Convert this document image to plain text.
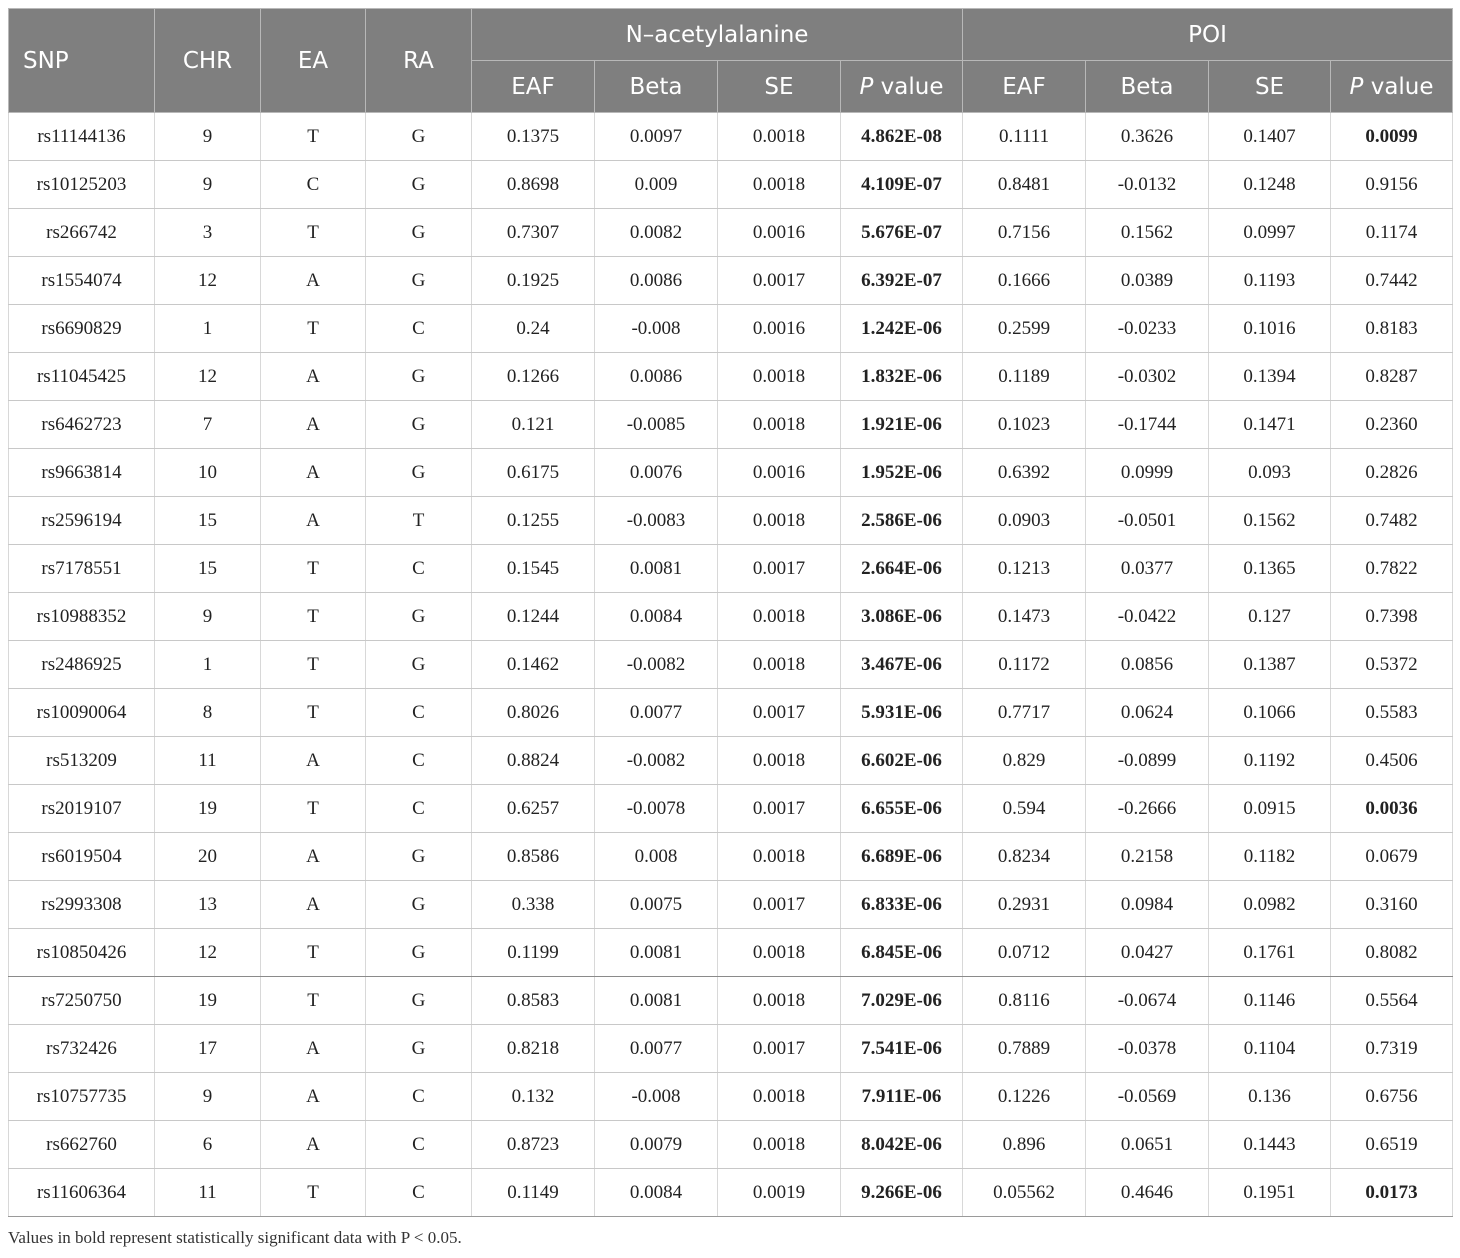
SNP	CHR	EA	RA	N–acetylalanine				POI			
				EAF	Beta	SE	P value	EAF	Beta	SE	P value
rs11144136	9	T	G	0.1375	0.0097	0.0018	4.862E-08	0.1111	0.3626	0.1407	0.0099
rs10125203	9	C	G	0.8698	0.009	0.0018	4.109E-07	0.8481	-0.0132	0.1248	0.9156
rs266742	3	T	G	0.7307	0.0082	0.0016	5.676E-07	0.7156	0.1562	0.0997	0.1174
rs1554074	12	A	G	0.1925	0.0086	0.0017	6.392E-07	0.1666	0.0389	0.1193	0.7442
rs6690829	1	T	C	0.24	-0.008	0.0016	1.242E-06	0.2599	-0.0233	0.1016	0.8183
rs11045425	12	A	G	0.1266	0.0086	0.0018	1.832E-06	0.1189	-0.0302	0.1394	0.8287
rs6462723	7	A	G	0.121	-0.0085	0.0018	1.921E-06	0.1023	-0.1744	0.1471	0.2360
rs9663814	10	A	G	0.6175	0.0076	0.0016	1.952E-06	0.6392	0.0999	0.093	0.2826
rs2596194	15	A	T	0.1255	-0.0083	0.0018	2.586E-06	0.0903	-0.0501	0.1562	0.7482
rs7178551	15	T	C	0.1545	0.0081	0.0017	2.664E-06	0.1213	0.0377	0.1365	0.7822
rs10988352	9	T	G	0.1244	0.0084	0.0018	3.086E-06	0.1473	-0.0422	0.127	0.7398
rs2486925	1	T	G	0.1462	-0.0082	0.0018	3.467E-06	0.1172	0.0856	0.1387	0.5372
rs10090064	8	T	C	0.8026	0.0077	0.0017	5.931E-06	0.7717	0.0624	0.1066	0.5583
rs513209	11	A	C	0.8824	-0.0082	0.0018	6.602E-06	0.829	-0.0899	0.1192	0.4506
rs2019107	19	T	C	0.6257	-0.0078	0.0017	6.655E-06	0.594	-0.2666	0.0915	0.0036
rs6019504	20	A	G	0.8586	0.008	0.0018	6.689E-06	0.8234	0.2158	0.1182	0.0679
rs2993308	13	A	G	0.338	0.0075	0.0017	6.833E-06	0.2931	0.0984	0.0982	0.3160
rs10850426	12	T	G	0.1199	0.0081	0.0018	6.845E-06	0.0712	0.0427	0.1761	0.8082
rs7250750	19	T	G	0.8583	0.0081	0.0018	7.029E-06	0.8116	-0.0674	0.1146	0.5564
rs732426	17	A	G	0.8218	0.0077	0.0017	7.541E-06	0.7889	-0.0378	0.1104	0.7319
rs10757735	9	A	C	0.132	-0.008	0.0018	7.911E-06	0.1226	-0.0569	0.136	0.6756
rs662760	6	A	C	0.8723	0.0079	0.0018	8.042E-06	0.896	0.0651	0.1443	0.6519
rs11606364	11	T	C	0.1149	0.0084	0.0019	9.266E-06	0.05562	0.4646	0.1951	0.0173
Values in bold represent statistically significant data with P < 0.05.
